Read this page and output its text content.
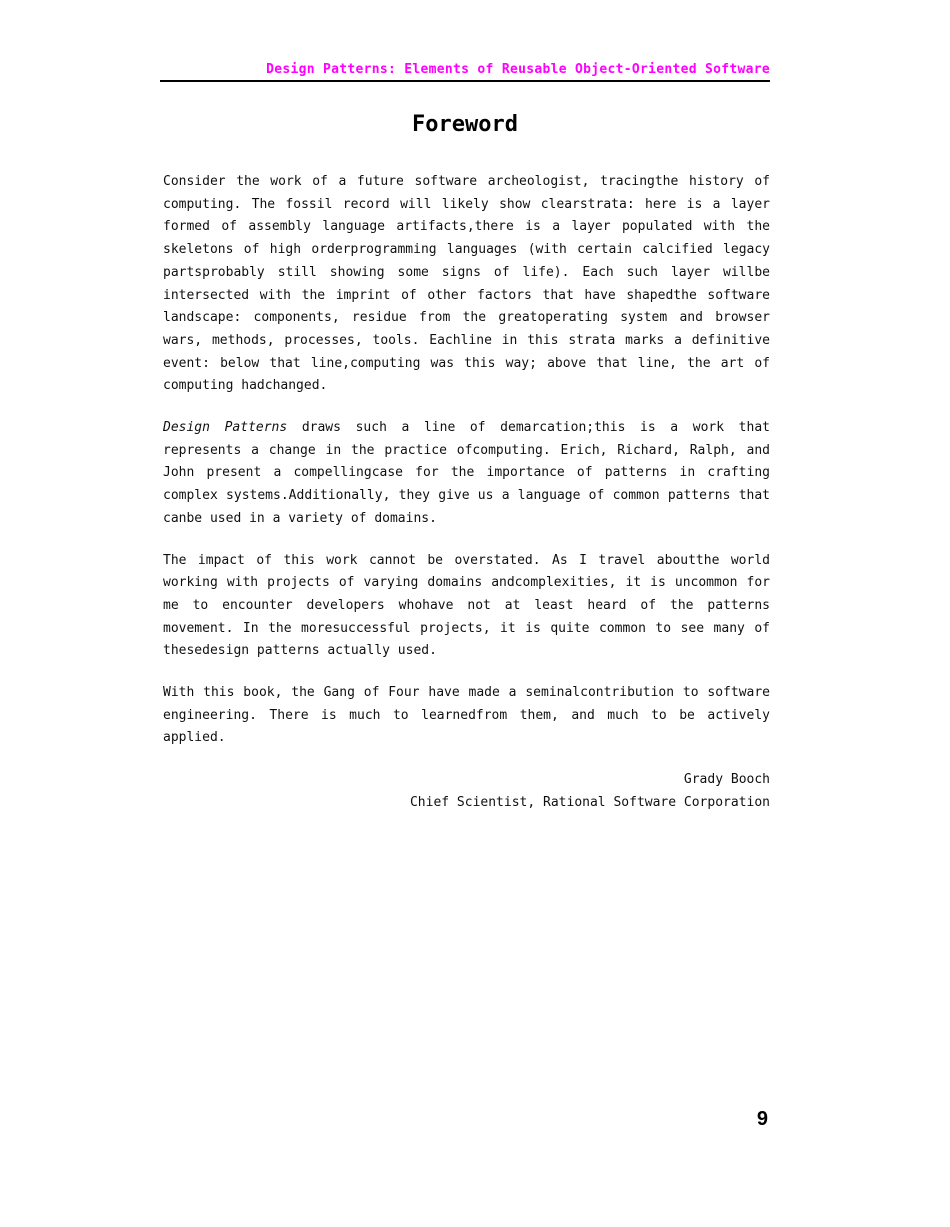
Design Patterns: Elements of Reusable Object-Oriented Software
Foreword

Consider the work of a future software archeologist, tracingthe history of computing. The fossil record will likely show clearstrata: here is a layer formed of assembly language artifacts,there is a layer populated with the skeletons of high orderprogramming languages (with certain calcified legacy partsprobably still showing some signs of life). Each such layer willbe intersected with the imprint of other factors that have shapedthe software landscape: components, residue from the greatoperating system and browser wars, methods, processes, tools. Eachline in this strata marks a definitive event: below that line,computing was this way; above that line, the art of computing hadchanged.

Design Patterns draws such a line of demarcation;this is a work that represents a change in the practice ofcomputing. Erich, Richard, Ralph, and John present a compellingcase for the importance of patterns in crafting complex systems.Additionally, they give us a language of common patterns that canbe used in a variety of domains.

The impact of this work cannot be overstated. As I travel aboutthe world working with projects of varying domains andcomplexities, it is uncommon for me to encounter developers whohave not at least heard of the patterns movement. In the moresuccessful projects, it is quite common to see many of thesedesign patterns actually used.

With this book, the Gang of Four have made a seminalcontribution to software engineering. There is much to learnedfrom them, and much to be actively applied.

Grady Booch
Chief Scientist, Rational Software Corporation
9
